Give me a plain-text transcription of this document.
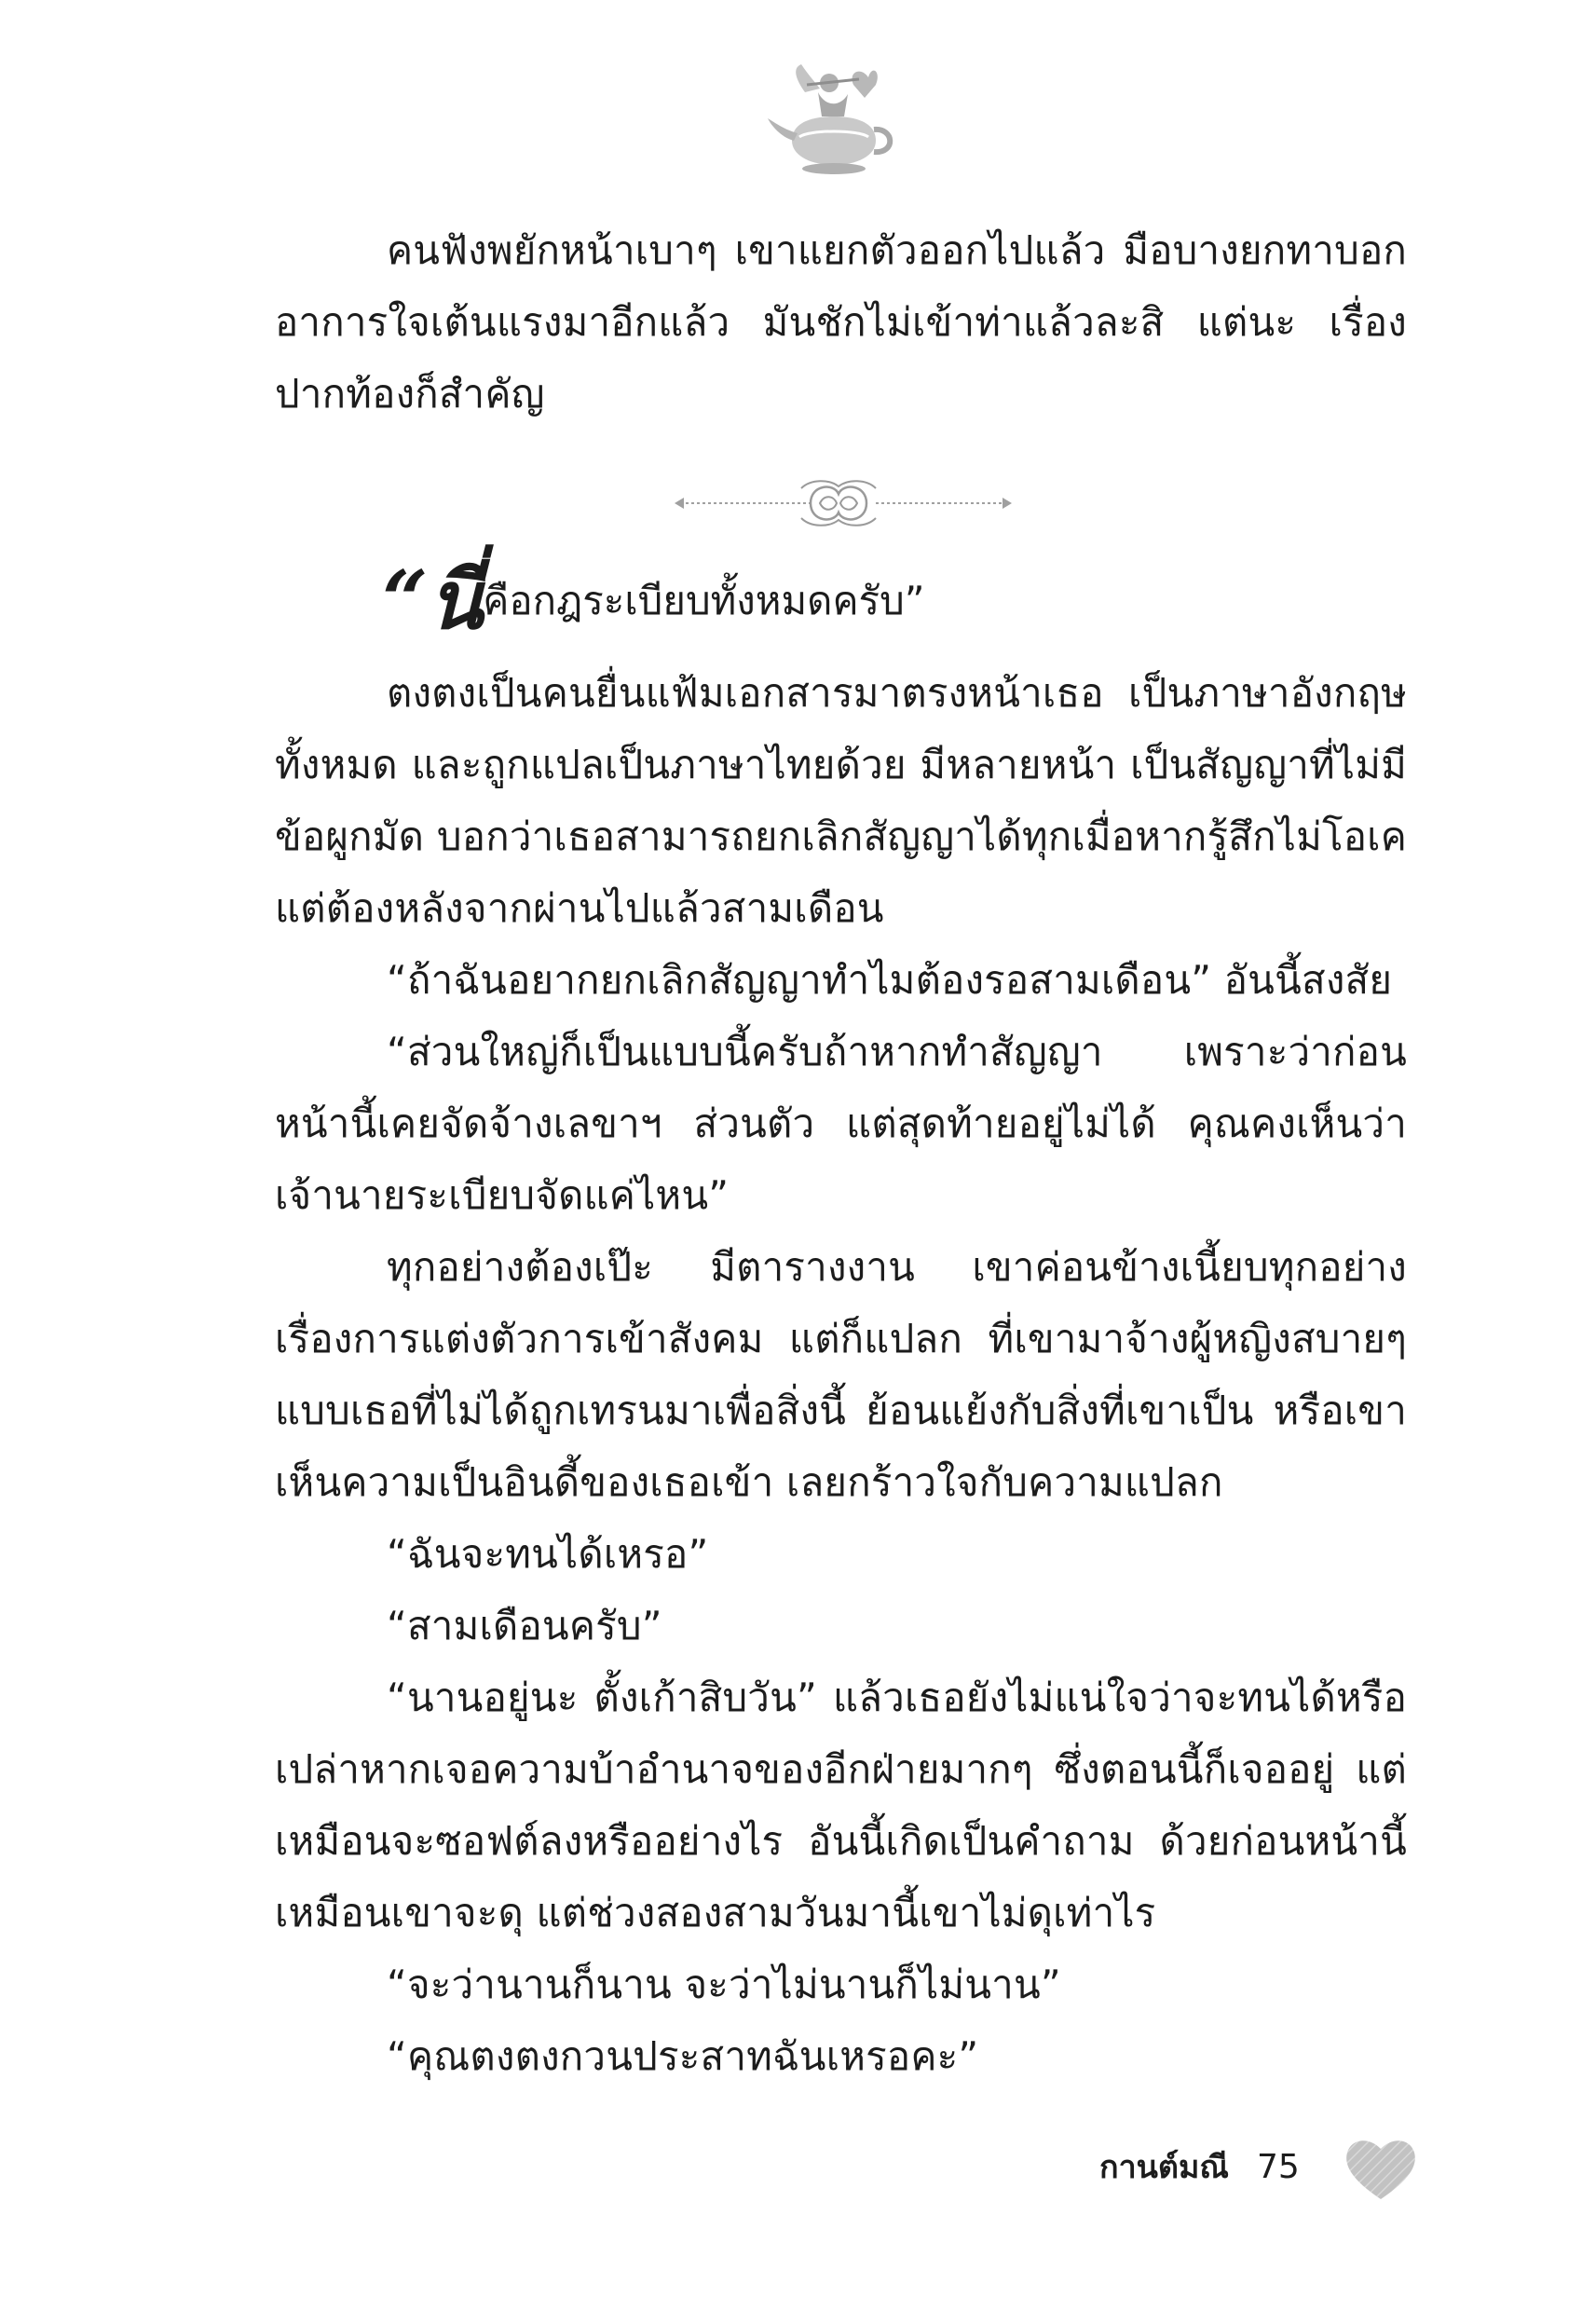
คนฟังพยักหน้าเบาๆ เขาแยกตัวออกไปแล้ว มือบางยกทาบอกอาการใจเต้นแรงมาอีกแล้ว มันชักไม่เข้าท่าแล้วละสิ แต่นะ เรื่องปากท้องก็สำคัญ

“นี่คือกฎระเบียบทั้งหมดครับ”

ตงตงเป็นคนยื่นแฟ้มเอกสารมาตรงหน้าเธอ เป็นภาษาอังกฤษทั้งหมด และถูกแปลเป็นภาษาไทยด้วย มีหลายหน้า เป็นสัญญาที่ไม่มีข้อผูกมัด บอกว่าเธอสามารถยกเลิกสัญญาได้ทุกเมื่อหากรู้สึกไม่โอเคแต่ต้องหลังจากผ่านไปแล้วสามเดือน

“ถ้าฉันอยากยกเลิกสัญญาทำไมต้องรอสามเดือน” อันนี้สงสัย

“ส่วนใหญ่ก็เป็นแบบนี้ครับถ้าหากทำสัญญา เพราะว่าก่อนหน้านี้เคยจัดจ้างเลขาฯ ส่วนตัว แต่สุดท้ายอยู่ไม่ได้ คุณคงเห็นว่าเจ้านายระเบียบจัดแค่ไหน”

ทุกอย่างต้องเป๊ะ มีตารางงาน เขาค่อนข้างเนี้ยบทุกอย่าง เรื่องการแต่งตัวการเข้าสังคม แต่ก็แปลก ที่เขามาจ้างผู้หญิงสบายๆ แบบเธอที่ไม่ได้ถูกเทรนมาเพื่อสิ่งนี้ ย้อนแย้งกับสิ่งที่เขาเป็น หรือเขาเห็นความเป็นอินดี้ของเธอเข้า เลยกร้าวใจกับความแปลก

“ฉันจะทนได้เหรอ”

“สามเดือนครับ”

“นานอยู่นะ ตั้งเก้าสิบวัน” แล้วเธอยังไม่แน่ใจว่าจะทนได้หรือเปล่าหากเจอความบ้าอำนาจของอีกฝ่ายมากๆ ซึ่งตอนนี้ก็เจออยู่ แต่เหมือนจะซอฟต์ลงหรืออย่างไร อันนี้เกิดเป็นคำถาม ด้วยก่อนหน้านี้เหมือนเขาจะดุ แต่ช่วงสองสามวันมานี้เขาไม่ดุเท่าไร

“จะว่านานก็นาน จะว่าไม่นานก็ไม่นาน”

“คุณตงตงกวนประสาทฉันเหรอคะ”

กานต์มณี 75
